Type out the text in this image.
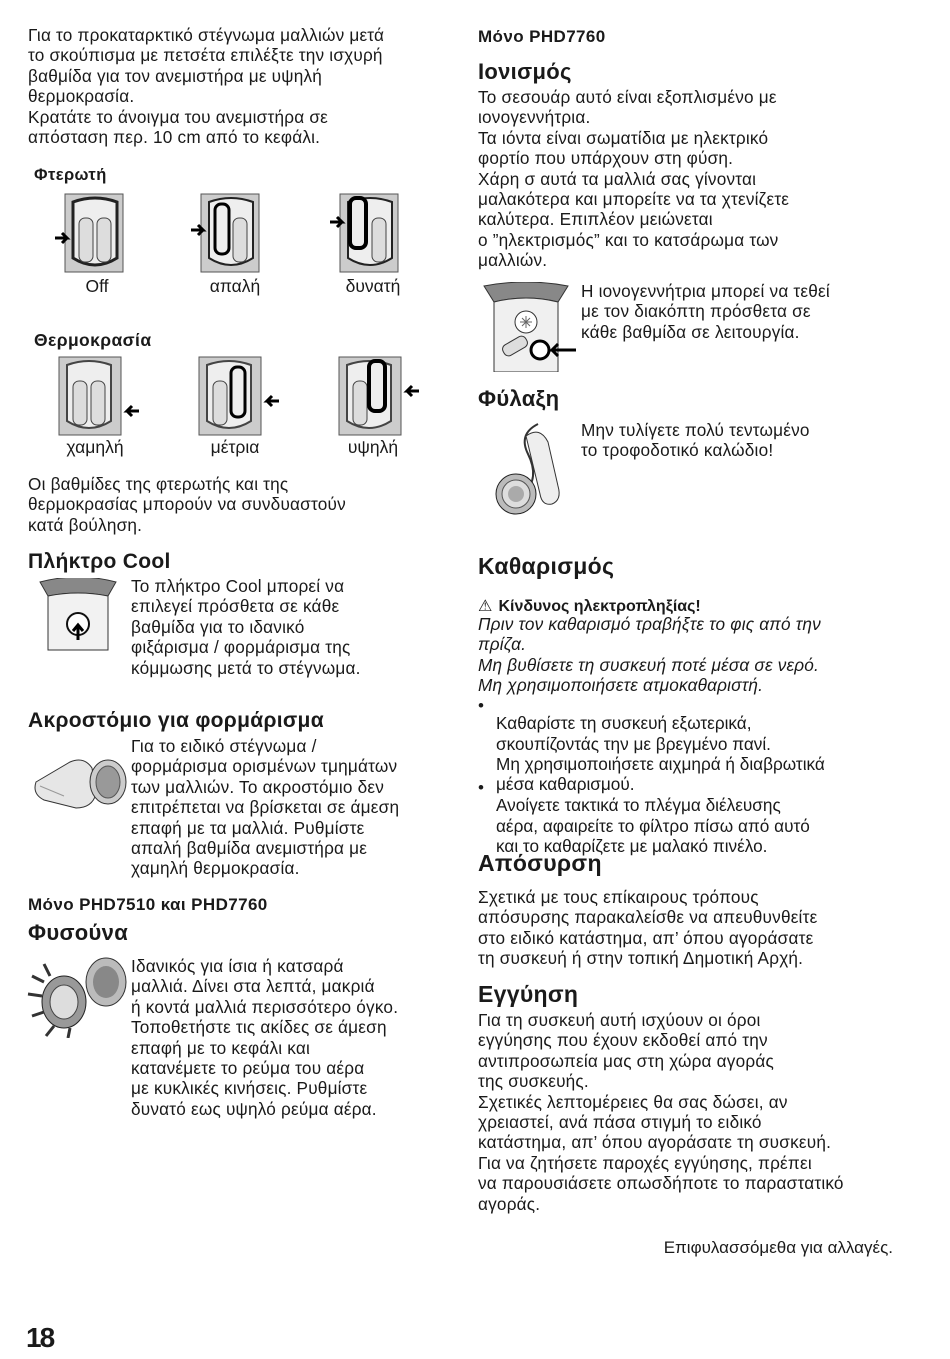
Για το προκαταρκτικό στέγνωμα μαλλιών μετά
το σκούπισμα με πετσέτα επιλέξτε την ισχυρή
βαθμίδα για τον ανεμιστήρα με υψηλή
θερμοκρασία.
Κρατάτε το άνοιγμα του ανεμιστήρα σε
απόσταση περ. 10 cm από το κεφάλι.

Φτερωτή
Off	απαλή	δυνατή
Θερμοκρασία
χαμηλή	μέτρια	υψηλή

Οι βαθμίδες της φτερωτής και της
θερμοκρασίας μπορούν να συνδυαστούν
κατά βούληση.

Πλήκτρο Cool

Το πλήκτρο Cool μπορεί να
επιλεγεί πρόσθετα σε κάθε
βαθμίδα για το ιδανικό
φιξάρισμα / φορμάρισμα της
κόμμωσης μετά το στέγνωμα.

Ακροστόμιο για φορμάρισμα

Για το ειδικό στέγνωμα /
φορμάρισμα ορισμένων τμημάτων
των μαλλιών. Το ακροστόμιο δεν
επιτρέπεται να βρίσκεται σε άμεση
επαφή με τα μαλλιά. Ρυθμίστε
απαλή βαθμίδα ανεμιστήρα με
χαμηλή θερμοκρασία.

Μόνο PHD7510 και PHD7760
Φυσούνα

Ιδανικός για ίσια ή κατσαρά
μαλλιά. Δίνει στα λεπτά, μακριά
ή κοντά μαλλιά περισσότερο όγκο.
Τοποθετήστε τις ακίδες σε άμεση
επαφή με το κεφάλι και
κατανέμετε το ρεύμα του αέρα
με κυκλικές κινήσεις. Ρυθμίστε
δυνατό εως υψηλό ρεύμα αέρα.

18
Μόνο PHD7760
Ιονισμός

Το σεσουάρ αυτό είναι εξοπλισμένο με
ιονογεννήτρια.
Τα ιόντα είναι σωματίδια με ηλεκτρικό
φορτίο που υπάρχουν στη φύση.
Χάρη σ αυτά τα μαλλιά σας γίνονται
μαλακότερα και μπορείτε να τα χτενίζετε
καλύτερα. Επιπλέον μειώνεται
ο ”ηλεκτρισμός” και το κατσάρωμα των
μαλλιών.

Η ιονογεννήτρια μπορεί να τεθεί
με τον διακόπτη πρόσθετα σε
κάθε βαθμίδα σε λειτουργία.

Φύλαξη

Μην τυλίγετε πολύ τεντωμένο
το τροφοδοτικό καλώδιο!

Καθαρισμός
⚠ Κίνδυνος ηλεκτροπληξίας!

Πριν τον καθαρισμό τραβήξτε το φις από την
πρίζα.
Μη βυθίσετε τη συσκευή ποτέ μέσα σε νερό.
Μη χρησιμοποιήσετε ατμοκαθαριστή.

•

Καθαρίστε τη συσκευή εξωτερικά,
σκουπίζοντάς την με βρεγμένο πανί.
Μη χρησιμοποιήσετε αιχμηρά ή διαβρωτικά
μέσα καθαρισμού.

•

Ανοίγετε τακτικά το πλέγμα διέλευσης
αέρα, αφαιρείτε το φίλτρο πίσω από αυτό
και το καθαρίζετε με μαλακό πινέλο.

Απόσυρση

Σχετικά με τους επίκαιρους τρόπους
απόσυρσης παρακαλείσθε να απευθυνθείτε
στο ειδικό κατάστημα, απ’ όπου αγοράσατε
τη συσκευή ή στην τοπική Δημοτική Αρχή.

Εγγύηση

Για τη συσκευή αυτή ισχύουν οι όροι
εγγύησης που έχουν εκδοθεί από την
αντιπροσωπεία μας στη χώρα αγοράς
της συσκευής.
Σχετικές λεπτομέρειες θα σας δώσει, αν
χρειαστεί, ανά πάσα στιγμή το ειδικό
κατάστημα, απ’ όπου αγοράσατε τη συσκευή.
Για να ζητήσετε παροχές εγγύησης, πρέπει
να παρουσιάσετε οπωσδήποτε το παραστατικό
αγοράς.

Επιφυλασσόμεθα για αλλαγές.
